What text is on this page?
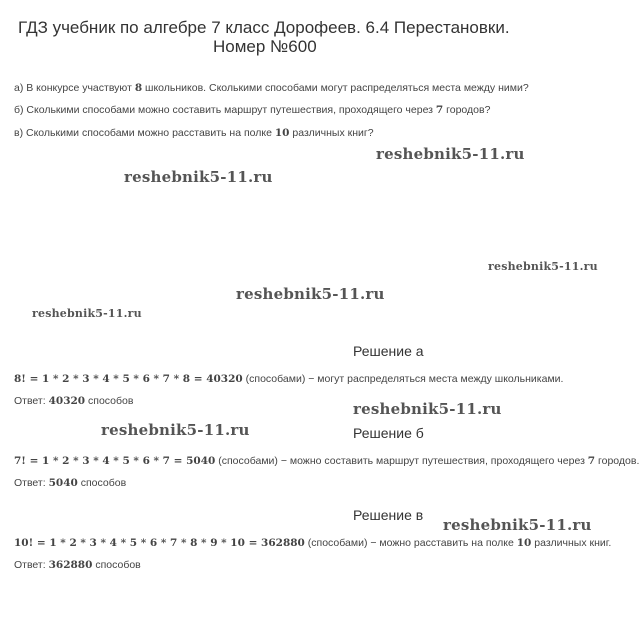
ГДЗ учебник по алгебре 7 класс Дорофеев. 6.4 Перестановки.
Номер №600
а) В конкурсе участвуют 8 школьников. Сколькими способами могут распределяться места между ними?
б) Сколькими способами можно составить маршрут путешествия, проходящего через 7 городов?
в) Сколькими способами можно расставить на полке 10 различных книг?
reshebnik5-11.ru
reshebnik5-11.ru
reshebnik5-11.ru
reshebnik5-11.ru
reshebnik5-11.ru
reshebnik5-11.ru
reshebnik5-11.ru
reshebnik5-11.ru
Решение а
8! = 1 * 2 * 3 * 4 * 5 * 6 * 7 * 8 = 40320 (способами) − могут распределяться места между школьниками.
Ответ: 40320 способов
Решение б
7! = 1 * 2 * 3 * 4 * 5 * 6 * 7 = 5040 (способами) − можно составить маршрут путешествия, проходящего через 7 городов.
Ответ: 5040 способов
Решение в
10! = 1 * 2 * 3 * 4 * 5 * 6 * 7 * 8 * 9 * 10 = 362880 (способами) − можно расставить на полке 10 различных книг.
Ответ: 362880 способов
